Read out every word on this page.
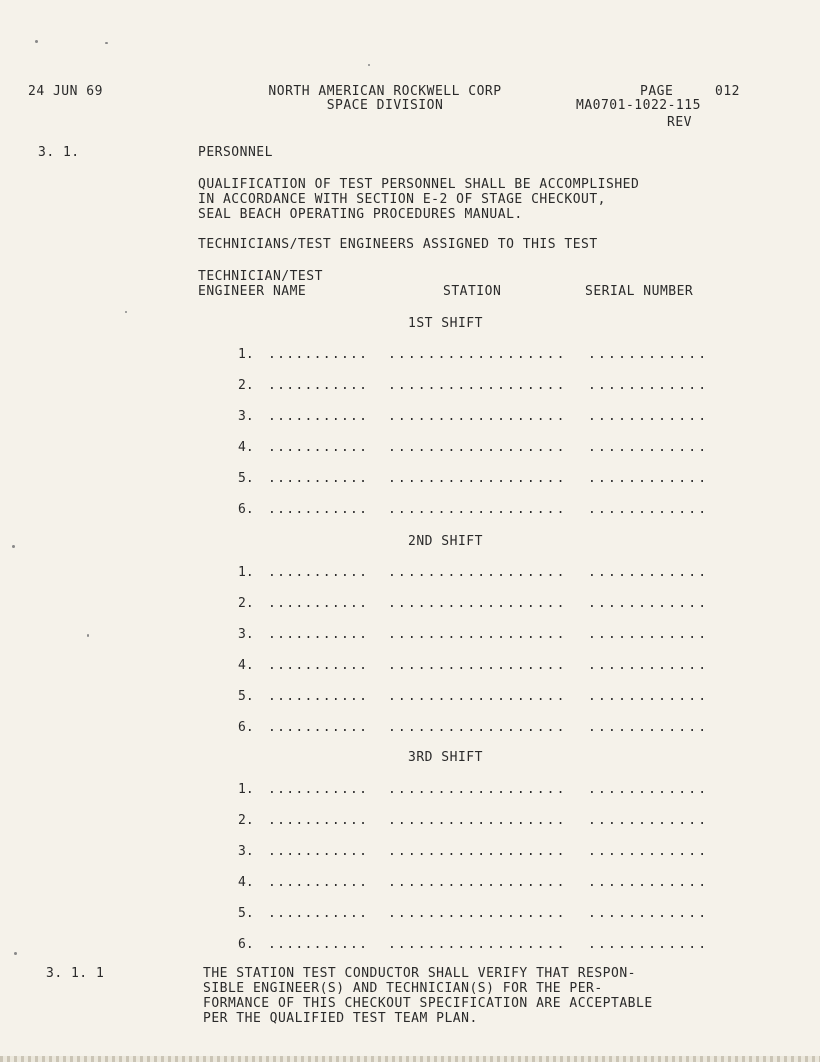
24 JUN 69	NORTH AMERICAN ROCKWELL CORP
SPACE DIVISION
PAGE	012
MA0701-1022-115
REV
3. 1.	PERSONNEL
QUALIFICATION OF TEST PERSONNEL SHALL BE ACCOMPLISHED
IN ACCORDANCE WITH SECTION E-2 OF STAGE CHECKOUT,
SEAL BEACH OPERATING PROCEDURES MANUAL.
TECHNICIANS/TEST ENGINEERS ASSIGNED TO THIS TEST
TECHNICIAN/TEST
ENGINEER NAME	STATION	SERIAL NUMBER
1ST SHIFT
1. ........... .................. ............
2. ........... .................. ............
3. ........... .................. ............
4. ........... .................. ............
5. ........... .................. ............
6. ........... .................. ............
2ND SHIFT
1. ........... .................. ............
2. ........... .................. ............
3. ........... .................. ............
4. ........... .................. ............
5. ........... .................. ............
6. ........... .................. ............
3RD SHIFT
1. ........... .................. ............
2. ........... .................. ............
3. ........... .................. ............
4. ........... .................. ............
5. ........... .................. ............
6. ........... .................. ............
3. 1. 1	THE STATION TEST CONDUCTOR SHALL VERIFY THAT RESPON-
SIBLE ENGINEER(S) AND TECHNICIAN(S) FOR THE PER-
FORMANCE OF THIS CHECKOUT SPECIFICATION ARE ACCEPTABLE
PER THE QUALIFIED TEST TEAM PLAN.
